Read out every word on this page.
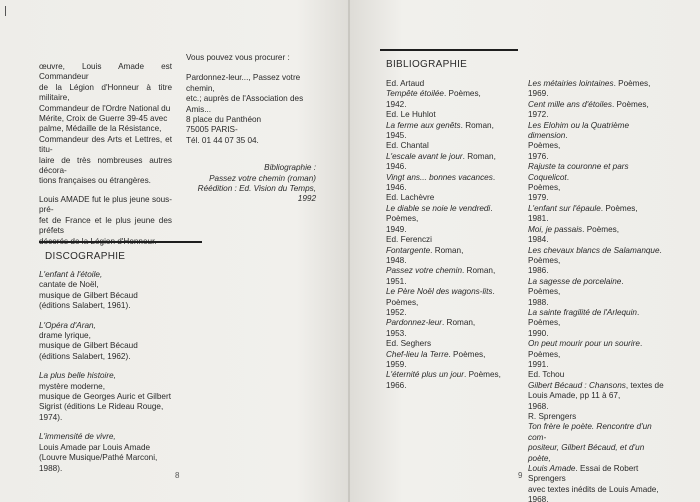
œuvre, Louis Amade est Commandeur

de la Légion d'Honneur à titre militaire,

Commandeur de l'Ordre National du

Mérite, Croix de Guerre 39-45 avec

palme, Médaille de la Résistance,

Commandeur des Arts et Lettres, et titu-

laire de très nombreuses autres décora-

tions françaises ou étrangères.

Louis AMADE fut le plus jeune sous-pré-

fet de France et le plus jeune des préfets

Vous pouvez vous procurer :

Pardonnez-leur..., Passez votre chemin,

etc.; auprès de l'Association des Amis...

8 place du Panthéon

75005 PARIS-

Tél. 01 44 07 35 04.

Bibliographie :

Passez votre chemin (roman)

Réédition : Ed. Vision du Temps, 1992

DISCOGRAPHIE

L'enfant à l'étoile,

cantate de Noël,

musique de Gilbert Bécaud

(éditions Salabert, 1961).

L'Opéra d'Aran,

drame lyrique,

musique de Gilbert Bécaud

(éditions Salabert, 1962).

La plus belle histoire,

mystère moderne,

musique de Georges Auric et Gilbert

Sigrist (éditions Le Rideau Rouge,

1974).

L'immensité de vivre,

Louis Amade par Louis Amade

(Louvre Musique/Pathé Marconi,

1988).

8
BIBLIOGRAPHIE

Ed. Artaud

Tempête étoilée. Poèmes,

1942.

Ed. Le Huhlot

La ferme aux genêts. Roman,

1945.

Ed. Chantal

L'escale avant le jour. Roman,

1946.

Vingt ans... bonnes vacances.

1946.

Ed. Lachèvre

Le diable se noie le vendredi.

Poèmes,

1949.

Ed. Ferenczi

Fontargente. Roman,

1948.

Passez votre chemin. Roman,

1951.

Le Père Noël des wagons-lits. Poèmes,

1952.

Pardonnez-leur. Roman,

1953.

Ed. Seghers

Chef-lieu la Terre. Poèmes,

1959.

L'éternité plus un jour. Poèmes,

1966.

Les métairies lointaines. Poèmes,

1969.

Cent mille ans d'étoiles. Poèmes,

1972.

Les Elohim ou la Quatrième dimension.

Poèmes,

1976.

Rajuste ta couronne et pars Coquelicot.

Poèmes,

1979.

L'enfant sur l'épaule. Poèmes,

1981.

Moi, je passais. Poèmes,

1984.

Les chevaux blancs de Salamanque.

Poèmes,

1986.

La sagesse de porcelaine.

Poèmes,

1988.

La sainte fragilité de l'Arlequin.

Poèmes,

1990.

On peut mourir pour un sourire.

Poèmes,

1991.

Ed. Tchou

Gilbert Bécaud : Chansons, textes de

Louis Amade, pp 11 à 67,

1968.

R. Sprengers

Ton frère le poète. Rencontre d'un com-

positeur, Gilbert Bécaud, et d'un poète,

Louis Amade. Essai de Robert Sprengers

avec textes inédits de Louis Amade,

1968.

9
